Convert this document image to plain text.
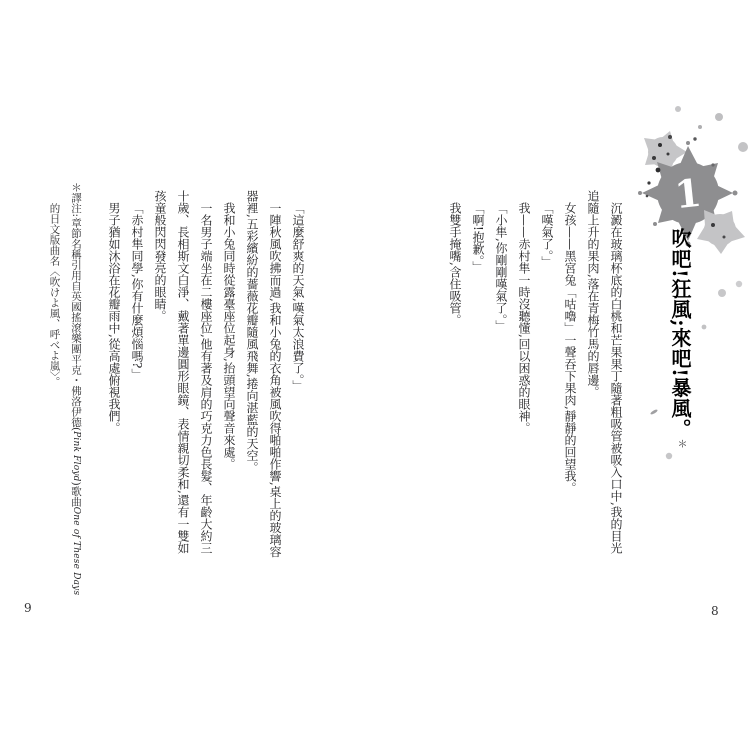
1
吹吧!狂風;來吧!暴風。＊

沉澱在玻璃杯底的白桃和芒果果丁隨著粗吸管被吸入口中,我的目光追隨上升的果肉,落在青梅竹馬的唇邊。

女孩——黑宮兔「咕嚕」一聲吞下果肉,靜靜的回望我。

「嘆氣了。」

我——赤村隼一時沒聽懂,回以困惑的眼神。

「小隼,你剛剛嘆氣了。」

「啊!抱歉。」

我雙手掩嘴,含住吸管。

8

「這麼舒爽的天氣,嘆氣太浪費了。」

一陣秋風吹拂而過,我和小兔的衣角被風吹得啪啪作響,桌上的玻璃容器裡,五彩繽紛的薔薇花瓣隨風飛舞,捲向湛藍的天空。

我和小兔同時從露臺座位起身,抬頭望向聲音來處。

一名男子端坐在二樓座位,他有著及肩的巧克力色長髮、年齡大約三十歲、長相斯文白淨、戴著單邊圓形眼鏡、表情親切柔和,還有一雙如孩童般閃閃發亮的眼睛。

「赤村隼同學,你有什麼煩惱嗎?」

男子猶如沐浴在花瓣雨中,從高處俯視我們。

＊譯注:章節名稱引用自英國搖滾樂團平克・佛洛伊德(Pink Floyd)歌曲One of These Days的日文版曲名〈吹けよ風、呼べよ嵐〉。
9
